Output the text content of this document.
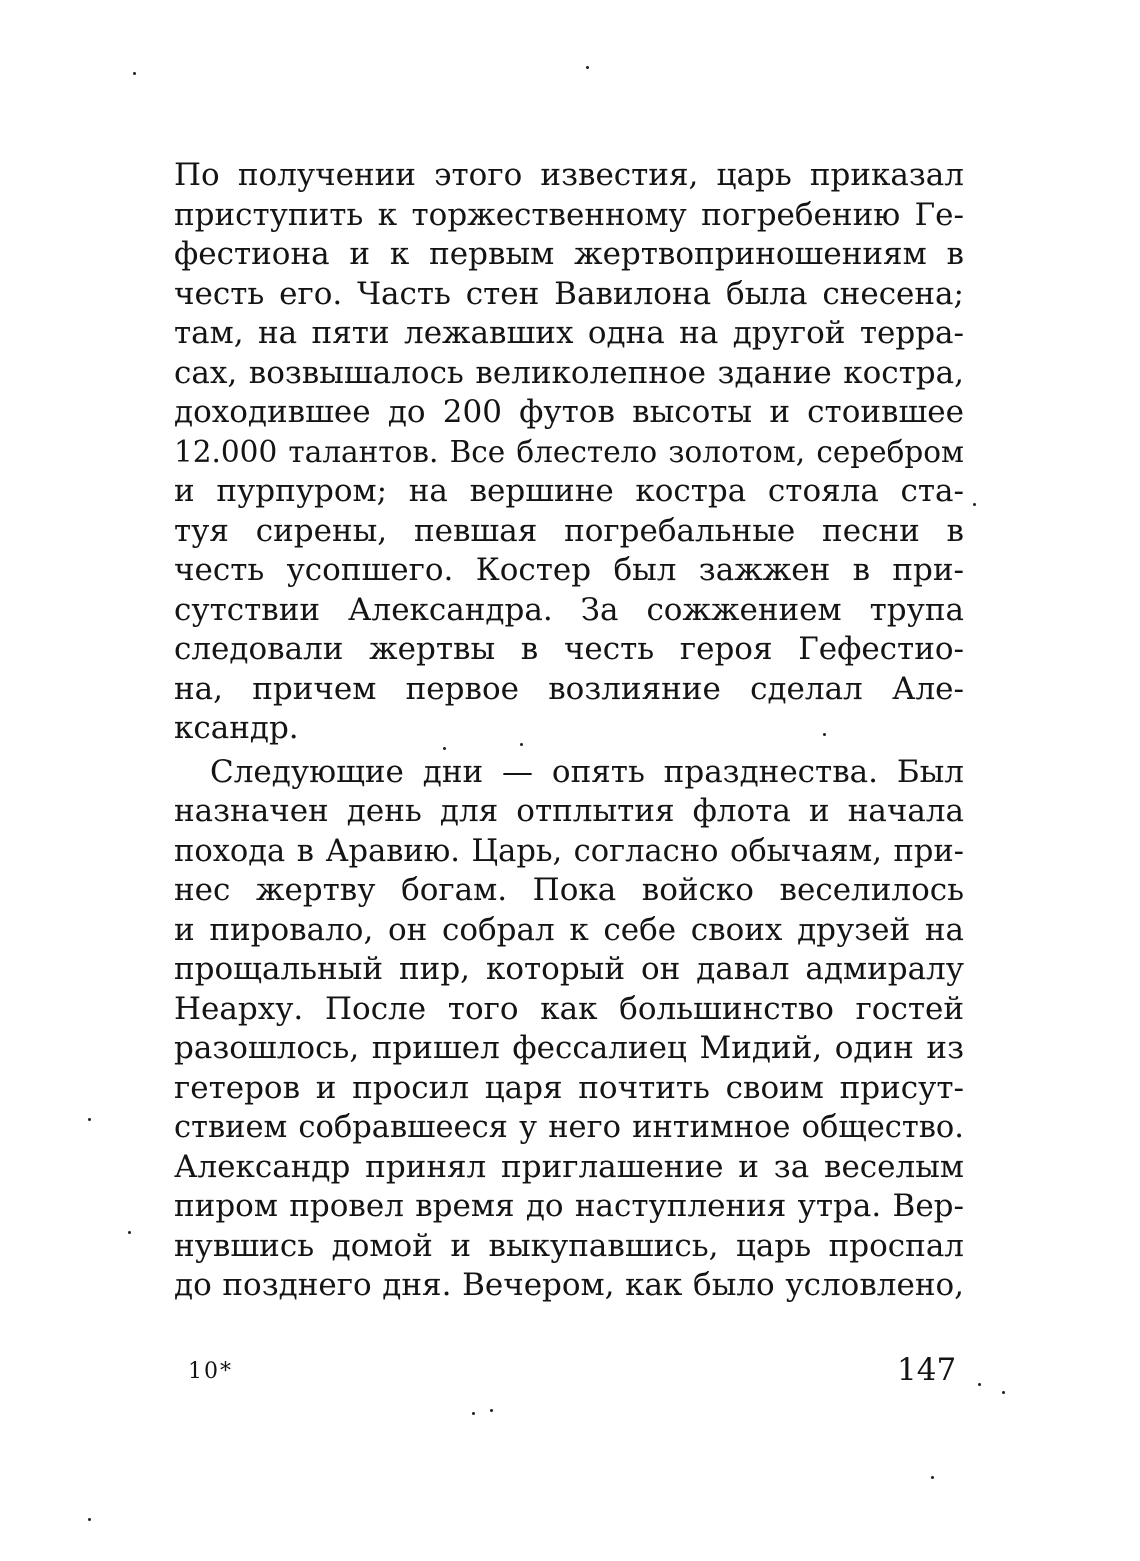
По получении этого известия, царь приказал
приступить к торжественному погребению Ге-
фестиона и к первым жертвоприношениям в
честь его. Часть стен Вавилона была снесена;
там, на пяти лежавших одна на другой терра-
сах, возвышалось великолепное здание костра,
доходившее до 200 футов высоты и стоившее
12.000 талантов. Все блестело золотом, серебром
и пурпуром; на вершине костра стояла ста-
туя сирены, певшая погребальные песни в
честь усопшего. Костер был зажжен в при-
сутствии Александра. За сожжением трупа
следовали жертвы в честь героя Гефестио-
на, причем первое возлияние сделал Але-
ксандр.
Следующие дни — опять празднества. Был
назначен день для отплытия флота и начала
похода в Аравию. Царь, согласно обычаям, при-
нес жертву богам. Пока войско веселилось
и пировало, он собрал к себе своих друзей на
прощальный пир, который он давал адмиралу
Неарху. После того как большинство гостей
разошлось, пришел фессалиец Мидий, один из
гетеров и просил царя почтить своим присут-
ствием собравшееся у него интимное общество.
Александр принял приглашение и за веселым
пиром провел время до наступления утра. Вер-
нувшись домой и выкупавшись, царь проспал
до позднего дня. Вечером, как было условлено,
10*	147
